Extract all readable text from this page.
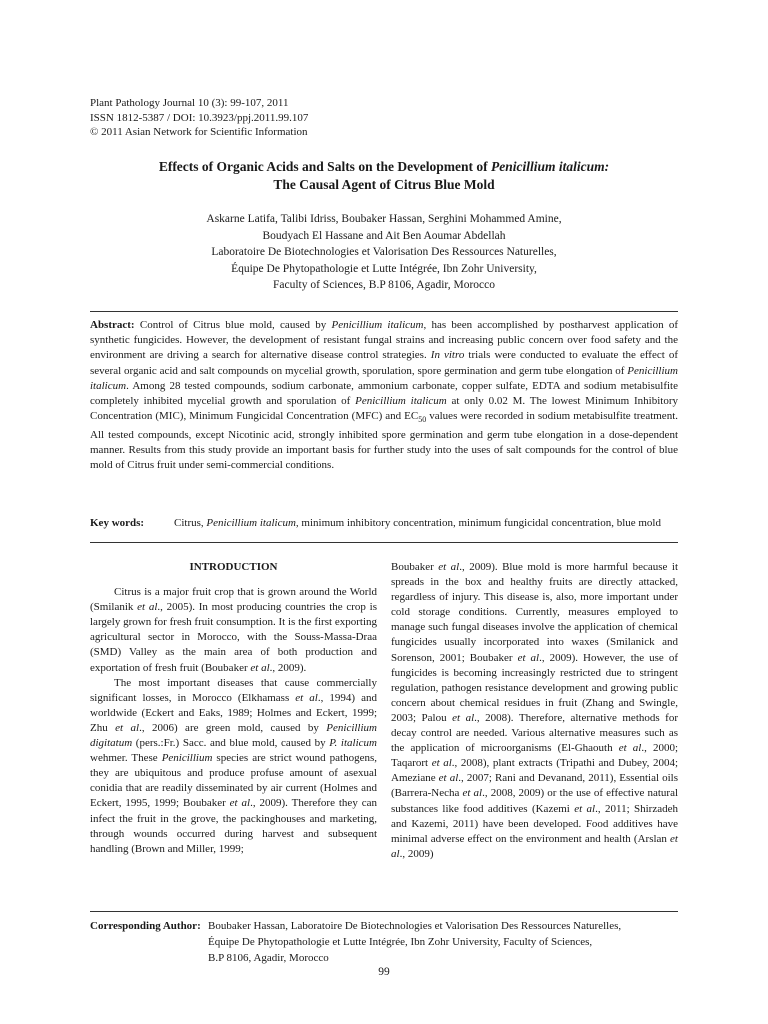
Plant Pathology Journal 10 (3): 99-107, 2011
ISSN 1812-5387 / DOI: 10.3923/ppj.2011.99.107
© 2011 Asian Network for Scientific Information
Effects of Organic Acids and Salts on the Development of Penicillium italicum:
The Causal Agent of Citrus Blue Mold
Askarne Latifa, Talibi Idriss, Boubaker Hassan, Serghini Mohammed Amine,
Boudyach El Hassane and Ait Ben Aoumar Abdellah
Laboratoire De Biotechnologies et Valorisation Des Ressources Naturelles,
Équipe De Phytopathologie et Lutte Intégrée, Ibn Zohr University,
Faculty of Sciences, B.P 8106, Agadir, Morocco
Abstract: Control of Citrus blue mold, caused by Penicillium italicum, has been accomplished by postharvest application of synthetic fungicides. However, the development of resistant fungal strains and increasing public concern over food safety and the environment are driving a search for alternative disease control strategies. In vitro trials were conducted to evaluate the effect of several organic acid and salt compounds on mycelial growth, sporulation, spore germination and germ tube elongation of Penicillium italicum. Among 28 tested compounds, sodium carbonate, ammonium carbonate, copper sulfate, EDTA and sodium metabisulfite completely inhibited mycelial growth and sporulation of Penicillium italicum at only 0.02 M. The lowest Minimum Inhibitory Concentration (MIC), Minimum Fungicidal Concentration (MFC) and $EC_{50}$ values were recorded in sodium metabisulfite treatment. All tested compounds, except Nicotinic acid, strongly inhibited spore germination and germ tube elongation in a dose-dependent manner. Results from this study provide an important basis for further study into the uses of salt compounds for the control of blue mold of Citrus fruit under semi-commercial conditions.
Key words:	Citrus, Penicillium italicum, minimum inhibitory concentration, minimum fungicidal concentration, blue mold
INTRODUCTION

Citrus is a major fruit crop that is grown around the World (Smilanik et al., 2005). In most producing countries the crop is largely grown for fresh fruit consumption. It is the first exporting agricultural sector in Morocco, with the Souss-Massa-Draa (SMD) Valley as the main area of both production and exportation of fresh fruit (Boubaker et al., 2009).

The most important diseases that cause commercially significant losses, in Morocco (Elkhamass et al., 1994) and worldwide (Eckert and Eaks, 1989; Holmes and Eckert, 1999; Zhu et al., 2006) are green mold, caused by Penicillium digitatum (pers.:Fr.) Sacc. and blue mold, caused by P. italicum wehmer. These Penicillium species are strict wound pathogens, they are ubiquitous and produce profuse amount of asexual conidia that are readily disseminated by air current (Holmes and Eckert, 1995, 1999; Boubaker et al., 2009). Therefore they can infect the fruit in the grove, the packinghouses and marketing, through wounds occurred during harvest and subsequent handling (Brown and Miller, 1999;

Boubaker et al., 2009). Blue mold is more harmful because it spreads in the box and healthy fruits are directly attacked, regardless of injury. This disease is, also, more important under cold storage conditions. Currently, measures employed to manage such fungal diseases involve the application of chemical fungicides usually incorporated into waxes (Smilanick and Sorenson, 2001; Boubaker et al., 2009). However, the use of fungicides is becoming increasingly restricted due to stringent regulation, pathogen resistance development and growing public concern about chemical residues in fruit (Zhang and Swingle, 2003; Palou et al., 2008). Therefore, alternative methods for decay control are needed. Various alternative measures such as the application of microorganisms (El-Ghaouth et al., 2000; Taqarort et al., 2008), plant extracts (Tripathi and Dubey, 2004; Ameziane et al., 2007; Rani and Devanand, 2011), Essential oils (Barrera-Necha et al., 2008, 2009) or the use of effective natural substances like food additives (Kazemi et al., 2011; Shirzadeh and Kazemi, 2011) have been developed. Food additives have minimal adverse effect on the environment and health (Arslan et al., 2009)

Corresponding Author: Boubaker Hassan, Laboratoire De Biotechnologies et Valorisation Des Ressources Naturelles,
Équipe De Phytopathologie et Lutte Intégrée, Ibn Zohr University, Faculty of Sciences,
B.P 8106, Agadir, Morocco
99
